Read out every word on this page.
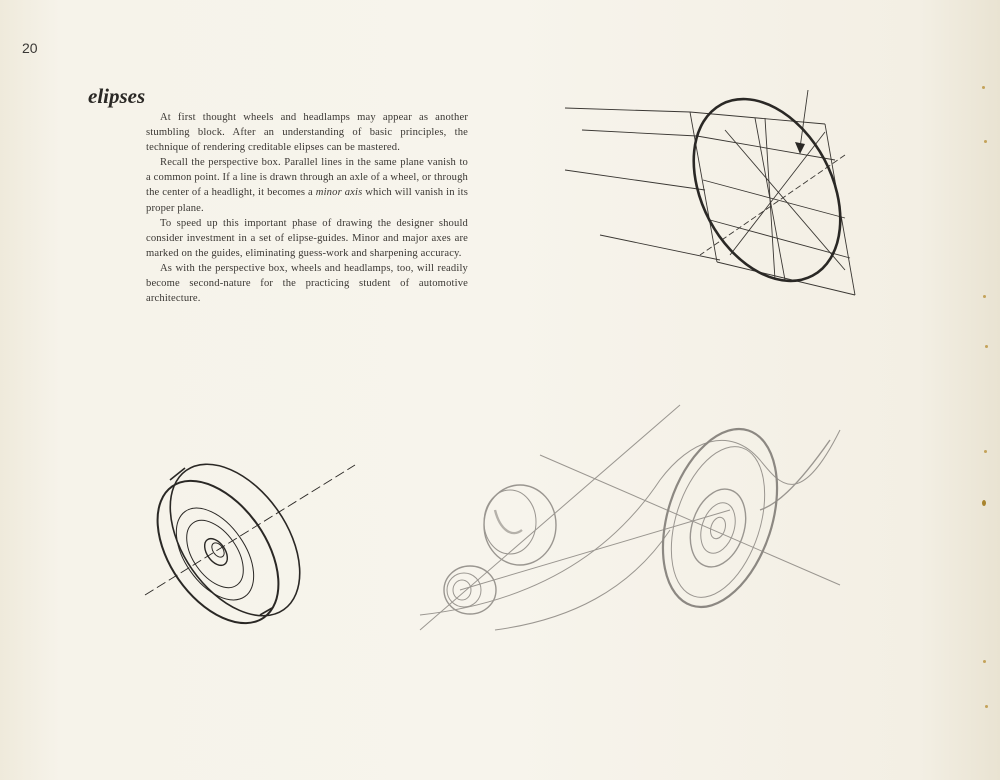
20
elipses

At first thought wheels and headlamps may appear as another stumbling block. After an understanding of basic principles, the technique of rendering creditable elipses can be mastered.

Recall the perspective box. Parallel lines in the same plane vanish to a common point. If a line is drawn through an axle of a wheel, or through the center of a headlight, it becomes a minor axis which will vanish in its proper plane.

To speed up this important phase of drawing the designer should consider investment in a set of elipse-guides. Minor and major axes are marked on the guides, eliminating guess-work and sharpening accuracy.

As with the perspective box, wheels and headlamps, too, will readily become second-nature for the practicing student of automotive architecture.
